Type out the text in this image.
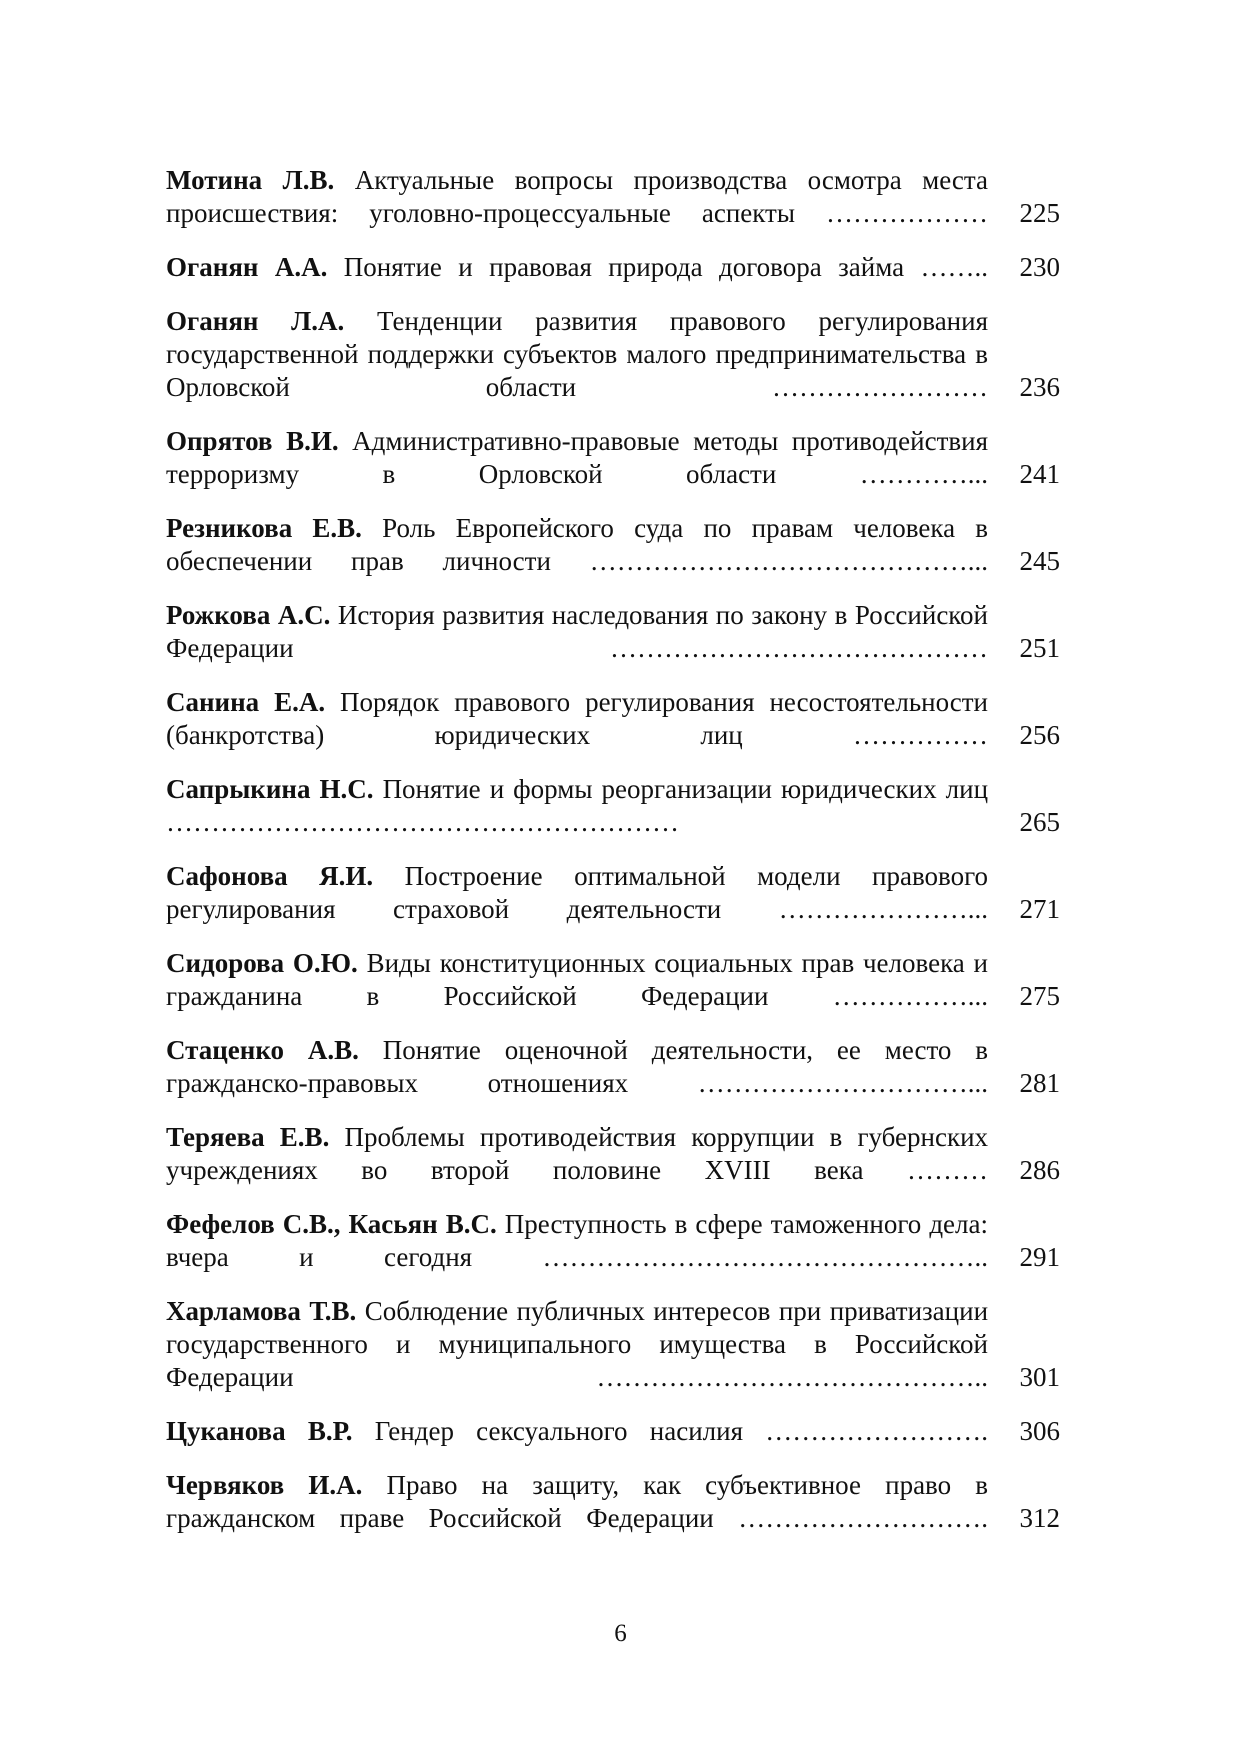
Мотина Л.В. Актуальные вопросы производства осмотра места происшествия: уголовно-процессуальные аспекты ………………	225
Оганян А.А. Понятие и правовая природа договора займа ……..	230
Оганян Л.А. Тенденции развития правового регулирования государственной поддержки субъектов малого предпринимательства в Орловской области	……………………	236
Опрятов В.И. Административно-правовые методы противодействия терроризму в Орловской области	…………...	241
Резникова Е.В. Роль Европейского суда по правам человека в обеспечении прав личности ……………………………………...	245
Рожкова А.С. История развития наследования по закону в Российской Федерации	……………………………………	251
Санина Е.А. Порядок правового регулирования несостоятельности (банкротства) юридических лиц	……………	256
Сапрыкина Н.С. Понятие и формы реорганизации юридических лиц …………………………………………………	265
Сафонова Я.И. Построение оптимальной модели правового регулирования страховой деятельности …………………...	271
Сидорова О.Ю. Виды конституционных социальных прав человека и гражданина в Российской Федерации ……………...	275
Стаценко А.В. Понятие оценочной деятельности, ее место в гражданско-правовых отношениях	…………………………...	281
Теряева Е.В. Проблемы противодействия коррупции в губернских учреждениях во второй половине XVIII века ………	286
Фефелов С.В., Касьян В.С. Преступность в сфере таможенного дела: вчера и сегодня	…………………………………………..	291
Харламова Т.В. Соблюдение публичных интересов при приватизации государственного и муниципального имущества в Российской Федерации	……………………………………..	301
Цуканова В.Р. Гендер сексуального насилия …………………….	306
Червяков И.А. Право на защиту, как субъективное право в гражданском праве Российской Федерации ……………………….	312
6
